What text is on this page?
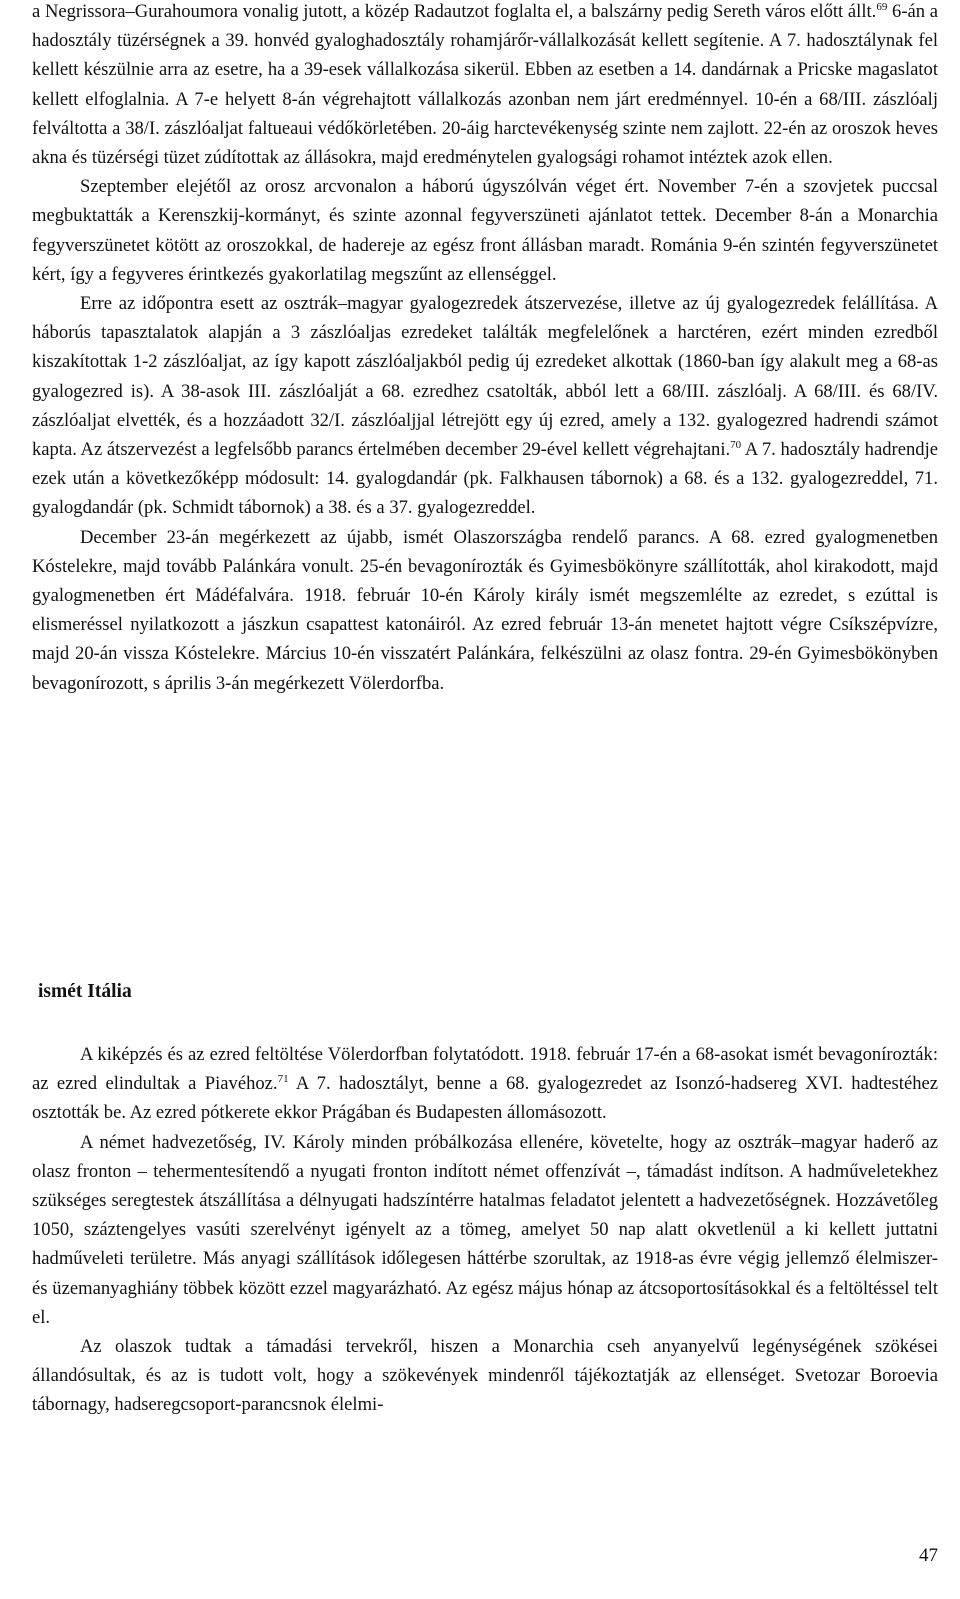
a Negrissora–Gurahoumora vonalig jutott, a közép Radautzot foglalta el, a balszárny pedig Sereth város előtt állt.$^{69}$ 6-án a hadosztály tüzérségnek a 39. honvéd gyaloghadosztály rohamjárőr-vállalkozását kellett segítenie. A 7. hadosztálynak fel kellett készülnie arra az esetre, ha a 39-esek vállalkozása sikerül. Ebben az esetben a 14. dandárnak a Pricske magaslatot kellett elfoglalnia. A 7-e helyett 8-án végrehajtott vállalkozás azonban nem járt eredménnyel. 10-én a 68/III. zászlóalj felváltotta a 38/I. zászlóaljat faltueaui védőkörletében. 20-áig harctevékenység szinte nem zajlott. 22-én az oroszok heves akna és tüzérségi tüzet zúdítottak az állásokra, majd eredménytelen gyalogsági rohamot intéztek azok ellen.

Szeptember elejétől az orosz arcvonalon a háború úgyszólván véget ért. November 7-én a szovjetek puccsal megbuktatták a Kerenszkij-kormányt, és szinte azonnal fegyverszüneti ajánlatot tettek. December 8-án a Monarchia fegyverszünetet kötött az oroszokkal, de hadereje az egész front állásban maradt. Románia 9-én szintén fegyverszünetet kért, így a fegyveres érintkezés gyakorlatilag megszűnt az ellenséggel.

Erre az időpontra esett az osztrák–magyar gyalogezredek átszervezése, illetve az új gyalogezredek felállítása. A háborús tapasztalatok alapján a 3 zászlóaljas ezredeket találták megfelelőnek a harctéren, ezért minden ezredből kiszakítottak 1-2 zászlóaljat, az így kapott zászlóaljakból pedig új ezredeket alkottak (1860-ban így alakult meg a 68-as gyalogezred is). A 38-asok III. zászlóalját a 68. ezredhez csatolták, abból lett a 68/III. zászlóalj. A 68/III. és 68/IV. zászlóaljat elvették, és a hozzáadott 32/I. zászlóaljjal létrejött egy új ezred, amely a 132. gyalogezred hadrendi számot kapta. Az átszervezést a legfelsőbb parancs értelmében december 29-ével kellett végrehajtani.$^{70}$ A 7. hadosztály hadrendje ezek után a következőképp módosult: 14. gyalogdandár (pk. Falkhausen tábornok) a 68. és a 132. gyalogezreddel, 71. gyalogdandár (pk. Schmidt tábornok) a 38. és a 37. gyalogezreddel.

December 23-án megérkezett az újabb, ismét Olaszországba rendelő parancs. A 68. ezred gyalogmenetben Kóstelekre, majd tovább Palánkára vonult. 25-én bevagonírozták és Gyimesbökönyre szállították, ahol kirakodott, majd gyalogmenetben ért Mádéfalvára. 1918. február 10-én Károly király ismét megszemlélte az ezredet, s ezúttal is elismeréssel nyilatkozott a jászkun csapattest katonáiról. Az ezred február 13-án menetet hajtott végre Csíkszépvízre, majd 20-án vissza Kóstelekre. Március 10-én visszatért Palánkára, felkészülni az olasz fontra. 29-én Gyimesbökönyben bevagonírozott, s április 3-án megérkezett Völerdorfba.

ismét Itália

A kiképzés és az ezred feltöltése Völerdorfban folytatódott. 1918. február 17-én a 68-asokat ismét bevagonírozták: az ezred elindultak a Piavéhoz.$^{71}$ A 7. hadosztályt, benne a 68. gyalogezredet az Isonzó-hadsereg XVI. hadtestéhez osztották be. Az ezred pótkerete ekkor Prágában és Budapesten állomásozott.

A német hadvezetőség, IV. Károly minden próbálkozása ellenére, követelte, hogy az osztrák–magyar haderő az olasz fronton – tehermentesítendő a nyugati fronton indított német offenzívát –, támadást indítson. A hadműveletekhez szükséges seregtestek átszállítása a délnyugati hadszíntérre hatalmas feladatot jelentett a hadvezetőségnek. Hozzávetőleg 1050, száztengelyes vasúti szerelvényt igényelt az a tömeg, amelyet 50 nap alatt okvetlenül a ki kellett juttatni hadműveleti területre. Más anyagi szállítások időlegesen háttérbe szorultak, az 1918-as évre végig jellemző élelmiszer- és üzemanyaghiány többek között ezzel magyarázható. Az egész május hónap az átcsoportosításokkal és a feltöltéssel telt el.

Az olaszok tudtak a támadási tervekről, hiszen a Monarchia cseh anyanyelvű legénységének szökései állandósultak, és az is tudott volt, hogy a szökevények mindenről tájékoztatják az ellenséget. Svetozar Boroevia tábornagy, hadseregcsoport-parancsnok élelmi-

47
